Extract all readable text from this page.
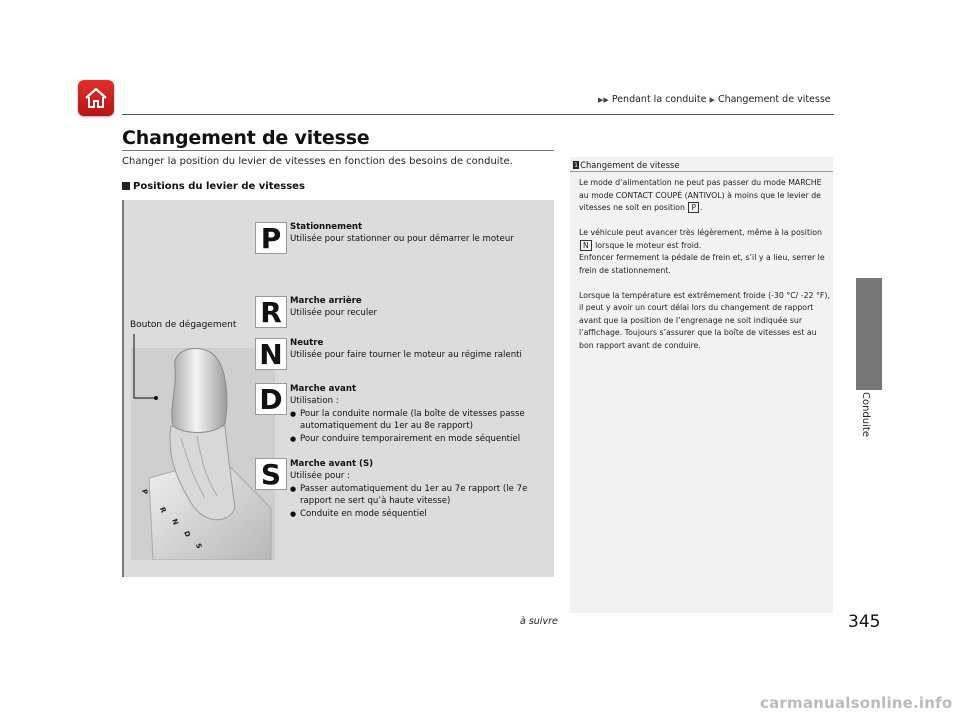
▶▶ Pendant la conduite ▶ Changement de vitesse
Conduite
Changement de vitesse
Changer la position du levier de vitesses en fonction des besoins de conduite.
Positions du levier de vitesses
Bouton de dégagement
P
R
N
D
S
P	Stationnement
Utilisée pour stationner ou pour démarrer le moteur
R Marche arrière
Utilisée pour reculer
N Neutre
Utilisée pour faire tourner le moteur au régime ralenti
D Marche avant
Utilisation :
● Pour la conduite normale (la boîte de vitesses passe automatiquement du 1er au 8e rapport)
● Pour conduire temporairement en mode séquentiel
S	Marche avant (S)
Utilisée pour :
● Passer automatiquement du 1er au 7e rapport (le 7e rapport ne sert qu’à haute vitesse)
● Conduite en mode séquentiel
1 Changement de vitesse

Le mode d’alimentation ne peut pas passer du mode MARCHE au mode CONTACT COUPÉ (ANTIVOL) à moins que le levier de vitesses ne soit en position P .

Le véhicule peut avancer très légèrement, même à la position N lorsque le moteur est froid.
Enfoncer fermement la pédale de frein et, s’il y a lieu, serrer le frein de stationnement.

Lorsque la température est extrêmement froide (-30 °C/ -22 °F), il peut y avoir un court délai lors du changement de rapport avant que la position de l’engrenage ne soit indiquée sur l’affichage. Toujours s’assurer que la boîte de vitesses est au bon rapport avant de conduire.

à suivre	345
carmanualsonline.info
